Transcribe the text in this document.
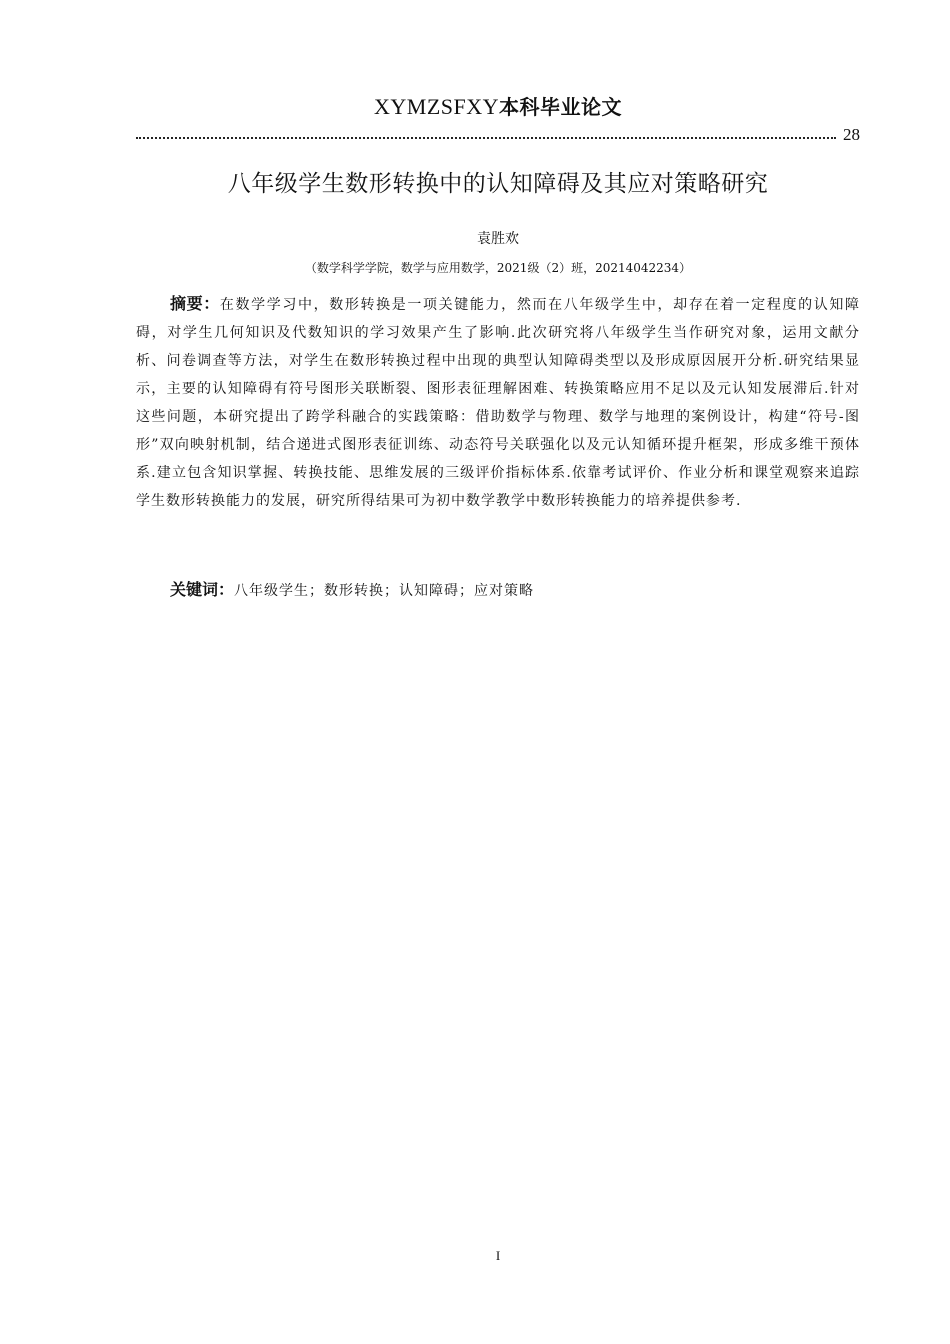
XYMZSFXY本科毕业论文
28
八年级学生数形转换中的认知障碍及其应对策略研究
袁胜欢
（数学科学学院，数学与应用数学，2021级（2）班，20214042234）

摘要：在数学学习中，数形转换是一项关键能力，然而在八年级学生中，却存在着一定程度的认知障碍，对学生几何知识及代数知识的学习效果产生了影响.此次研究将八年级学生当作研究对象，运用文献分析、问卷调查等方法，对学生在数形转换过程中出现的典型认知障碍类型以及形成原因展开分析.研究结果显示，主要的认知障碍有符号图形关联断裂、图形表征理解困难、转换策略应用不足以及元认知发展滞后.针对这些问题，本研究提出了跨学科融合的实践策略：借助数学与物理、数学与地理的案例设计，构建“符号-图形”双向映射机制，结合递进式图形表征训练、动态符号关联强化以及元认知循环提升框架，形成多维干预体系.建立包含知识掌握、转换技能、思维发展的三级评价指标体系.依靠考试评价、作业分析和课堂观察来追踪学生数形转换能力的发展，研究所得结果可为初中数学教学中数形转换能力的培养提供参考.

关键词：八年级学生；数形转换；认知障碍；应对策略

I
